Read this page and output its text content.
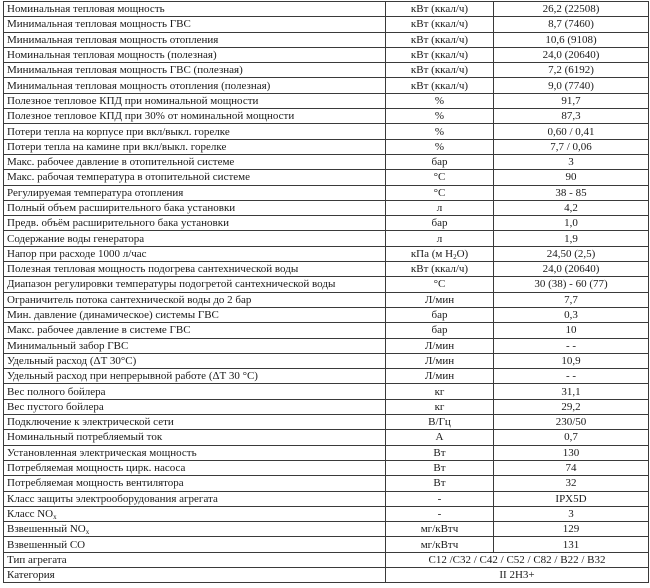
Номинальная тепловая мощность	кВт (ккал/ч)	26,2 (22508)
Минимальная тепловая мощность ГВС	кВт (ккал/ч)	8,7 (7460)
Минимальная тепловая мощность отопления	кВт (ккал/ч)	10,6 (9108)
Номинальная тепловая мощность (полезная)	кВт (ккал/ч)	24,0 (20640)
Минимальная тепловая мощность ГВС (полезная)	кВт (ккал/ч)	7,2 (6192)
Минимальная тепловая мощность отопления (полезная)	кВт (ккал/ч)	9,0 (7740)
Полезное тепловое КПД при номинальной мощности	%	91,7
Полезное тепловое КПД при 30% от номинальной мощности	%	87,3
Потери тепла на корпусе при вкл/выкл. горелке	%	0,60 / 0,41
Потери тепла на камине при вкл/выкл. горелке	%	7,7 / 0,06
Макс. рабочее давление в отопительной системе	бар	3
Макс. рабочая температура в отопительной системе	°С	90
Регулируемая температура отопления	°С	38 - 85
Полный объем расширительного бака установки	л	4,2
Предв. объём расширительного бака установки	бар	1,0
Содержание воды генератора	л	1,9
Напор при расходе 1000 л/час	кПа (м $H_2O$)	24,50 (2,5)
Полезная тепловая мощность подогрева сантехнической воды	кВт (ккал/ч)	24,0 (20640)
Диапазон регулировки температуры подогретой сантехнической воды	°С	30 (38) - 60 (77)
Ограничитель потока сантехнической воды до 2 бар	Л/мин	7,7
Мин. давление (динамическое) системы ГВС	бар	0,3
Макс. рабочее давление в системе ГВС	бар	10
Минимальный забор ГВС	Л/мин	- -
Удельный расход (ΔT 30°С)	Л/мин	10,9
Удельный расход при непрерывной работе (ΔT 30 °С)	Л/мин	- -
Вес полного бойлера	кг	31,1
Вес пустого бойлера	кг	29,2
Подключение к электрической сети	В/Гц	230/50
Номинальный потребляемый ток	А	0,7
Установленная электрическая мощность	Вт	130
Потребляемая мощность цирк. насоса	Вт	74
Потребляемая мощность вентилятора	Вт	32
Класс защиты электрооборудования агрегата	-	IPX5D
Класс $NO_x$	-	3
Взвешенный $NO_x$	мг/кВтч	129
Взвешенный СО	мг/кВтч	131
Тип агрегата	C12 /C32 / C42 / C52 / C82 / B22 / B32	
Категория	II 2H3+	
